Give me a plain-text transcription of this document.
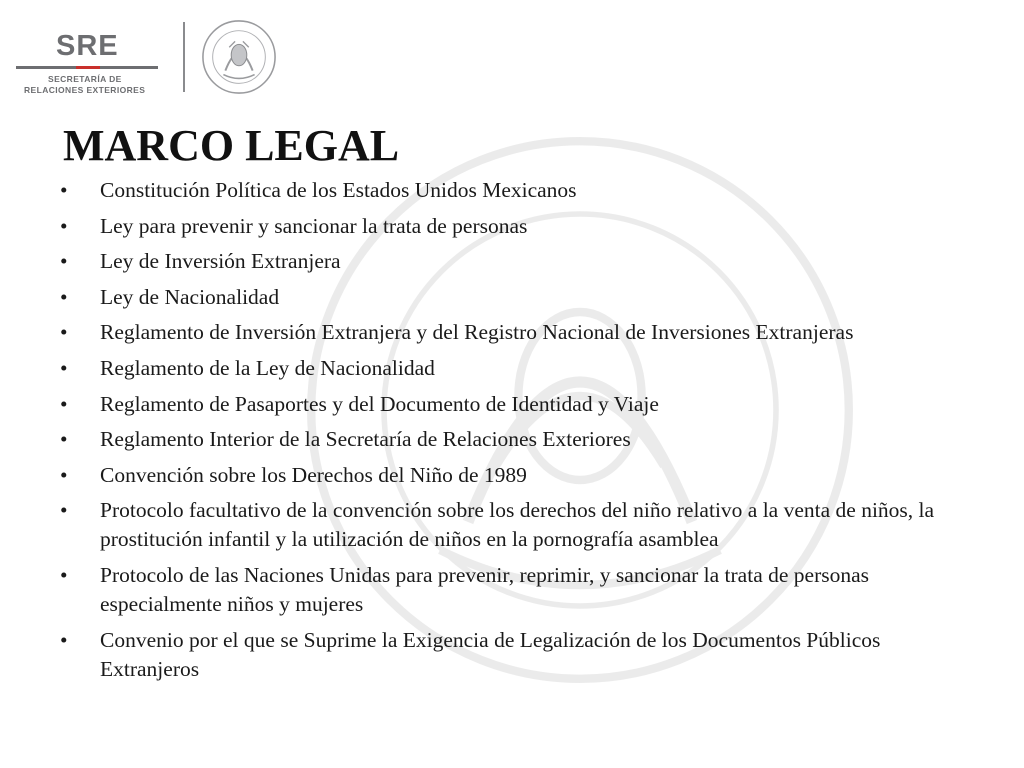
SRE
SECRETARÍA DE
RELACIONES EXTERIORES
MARCO LEGAL
•	Constitución Política de los Estados Unidos Mexicanos
•	Ley para prevenir y sancionar la trata de personas
•	Ley de Inversión Extranjera
•	Ley de Nacionalidad
•	Reglamento de Inversión Extranjera y del Registro Nacional de Inversiones Extranjeras
•	Reglamento de la Ley de Nacionalidad
•	Reglamento de Pasaportes y del Documento de Identidad y Viaje
•	Reglamento Interior de la Secretaría de Relaciones Exteriores
•	Convención sobre los Derechos del Niño de 1989
•	Protocolo facultativo de la convención sobre los derechos del niño relativo a la venta de niños, la prostitución infantil y la utilización de niños en la pornografía asamblea
•	Protocolo de las Naciones Unidas para prevenir, reprimir, y sancionar la trata de personas especialmente niños y mujeres
•	Convenio por el que se Suprime la Exigencia de Legalización de los Documentos Públicos Extranjeros
